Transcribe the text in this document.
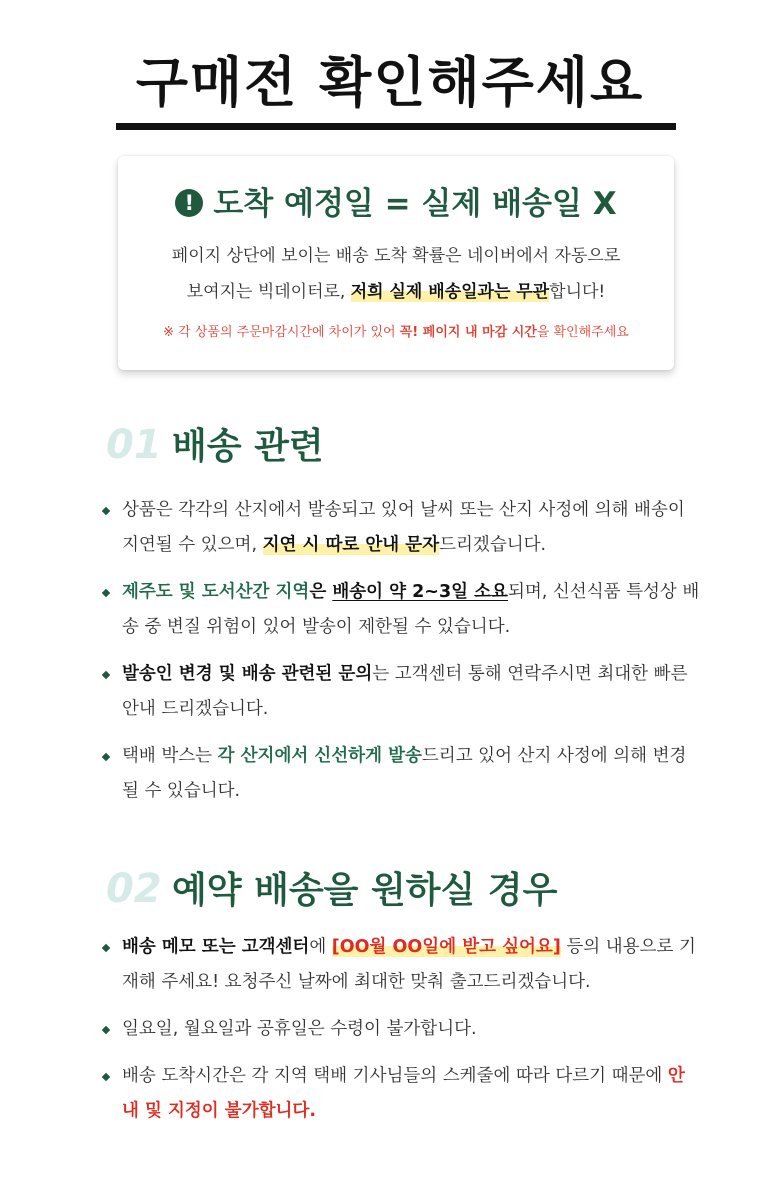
구매전 확인해주세요
! 도착 예정일 = 실제 배송일 X
페이지 상단에 보이는 배송 도착 확률은 네이버에서 자동으로
보여지는 빅데이터로, 저희 실제 배송일과는 무관합니다!
※ 각 상품의 주문마감시간에 차이가 있어 꼭! 페이지 내 마감 시간을 확인해주세요
01 배송 관련
상품은 각각의 산지에서 발송되고 있어 날씨 또는 산지 사정에 의해 배송이 지연될 수 있으며, 지연 시 따로 안내 문자드리겠습니다.
제주도 및 도서산간 지역은 배송이 약 2~3일 소요되며, 신선식품 특성상 배송 중 변질 위험이 있어 발송이 제한될 수 있습니다.
발송인 변경 및 배송 관련된 문의는 고객센터 통해 연락주시면 최대한 빠른 안내 드리겠습니다.
택배 박스는 각 산지에서 신선하게 발송드리고 있어 산지 사정에 의해 변경될 수 있습니다.
02 예약 배송을 원하실 경우
배송 메모 또는 고객센터에 [OO월 OO일에 받고 싶어요] 등의 내용으로 기재해 주세요! 요청주신 날짜에 최대한 맞춰 출고드리겠습니다.
일요일, 월요일과 공휴일은 수령이 불가합니다.
배송 도착시간은 각 지역 택배 기사님들의 스케줄에 따라 다르기 때문에 안내 및 지정이 불가합니다.
